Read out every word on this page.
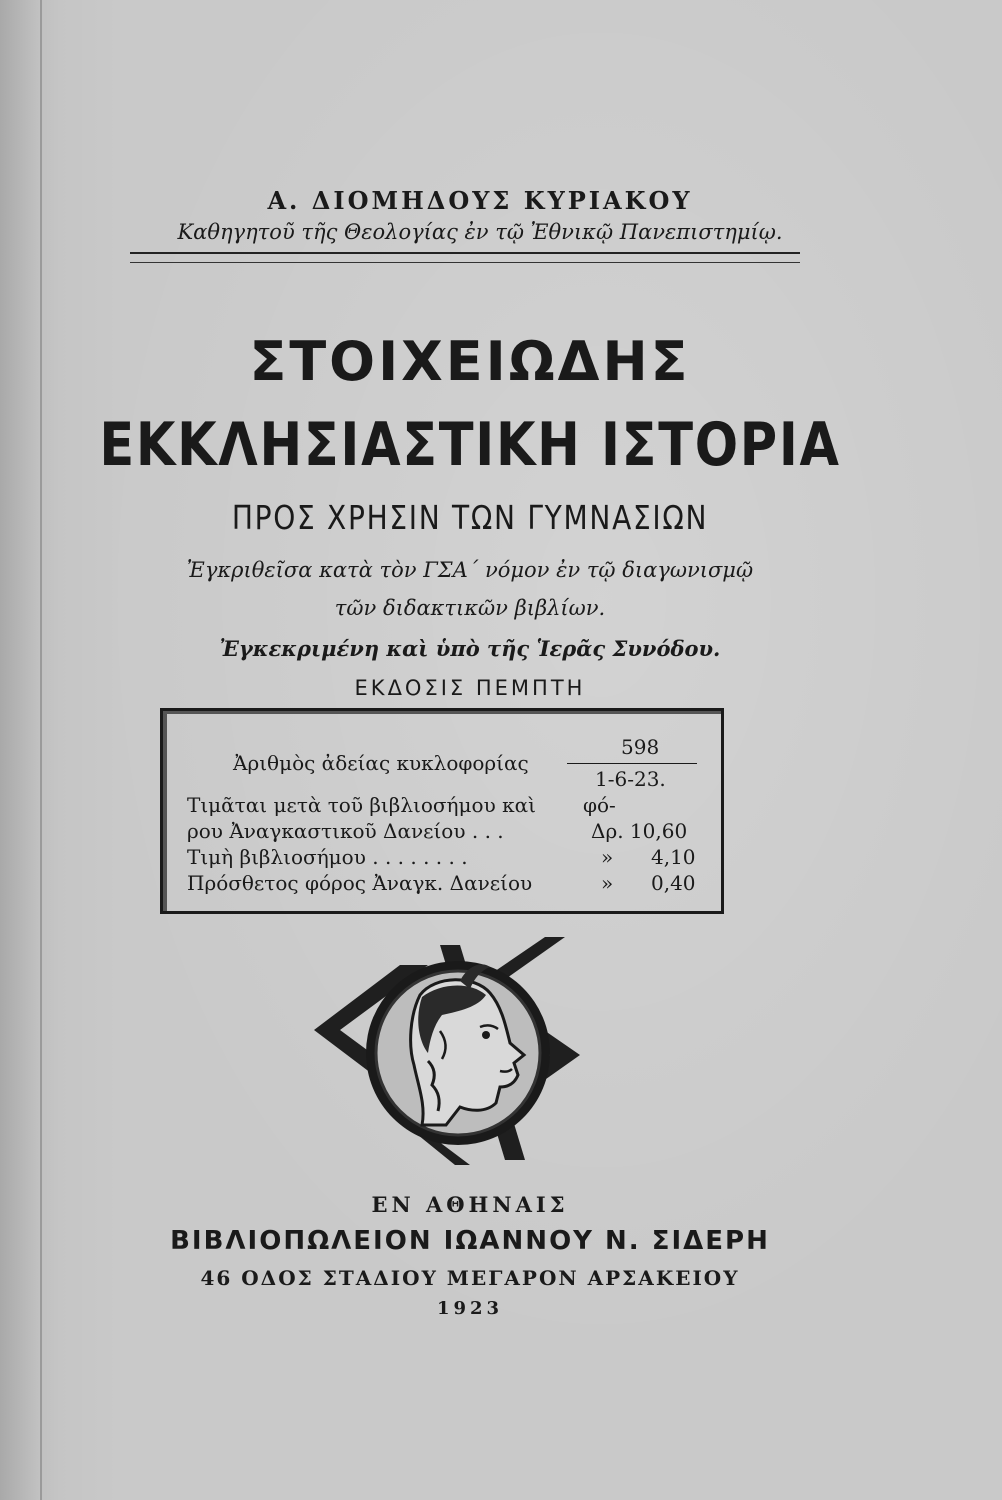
Α. ΔΙΟΜΗΔΟΥΣ ΚΥΡΙΑΚΟΥ
Καθηγητοῦ τῆς Θεολογίας ἐν τῷ Ἐθνικῷ Πανεπιστημίῳ.
ΣΤΟΙΧΕΙΩΔΗΣ
ΕΚΚΛΗΣΙΑΣΤΙΚΗ ΙΣΤΟΡΙΑ
ΠΡΟΣ ΧΡΗΣΙΝ ΤΩΝ ΓΥΜΝΑΣΙΩΝ
Ἐγκριθεῖσα κατὰ τὸν ΓΣΑ΄ νόμον ἐν τῷ διαγωνισμῷ
τῶν διδακτικῶν βιβλίων.
Ἐγκεκριμένη καὶ ὑπὸ τῆς Ἱερᾶς Συνόδου.
ΕΚΔΟΣΙΣ ΠΕΜΠΤΗ
Ἀριθμὸς ἀδείας κυκλοφορίας
598
1-6-23.
Τιμᾶται μετὰ τοῦ βιβλιοσήμου καὶ φό-
ρου Ἀναγκαστικοῦ Δανείου . . .	Δρ. 10,60
Τιμὴ βιβλιοσήμου . . . . . . . .	» 4,10
Πρόσθετος φόρος Ἀναγκ. Δανείου	» 0,40
ΕΝ ΑΘΗΝΑΙΣ
ΒΙΒΛΙΟΠΩΛΕΙΟΝ ΙΩΑΝΝΟΥ Ν. ΣΙΔΕΡΗ
46 ΟΔΟΣ ΣΤΑΔΙΟΥ ΜΕΓΑΡΟΝ ΑΡΣΑΚΕΙΟΥ
1923
